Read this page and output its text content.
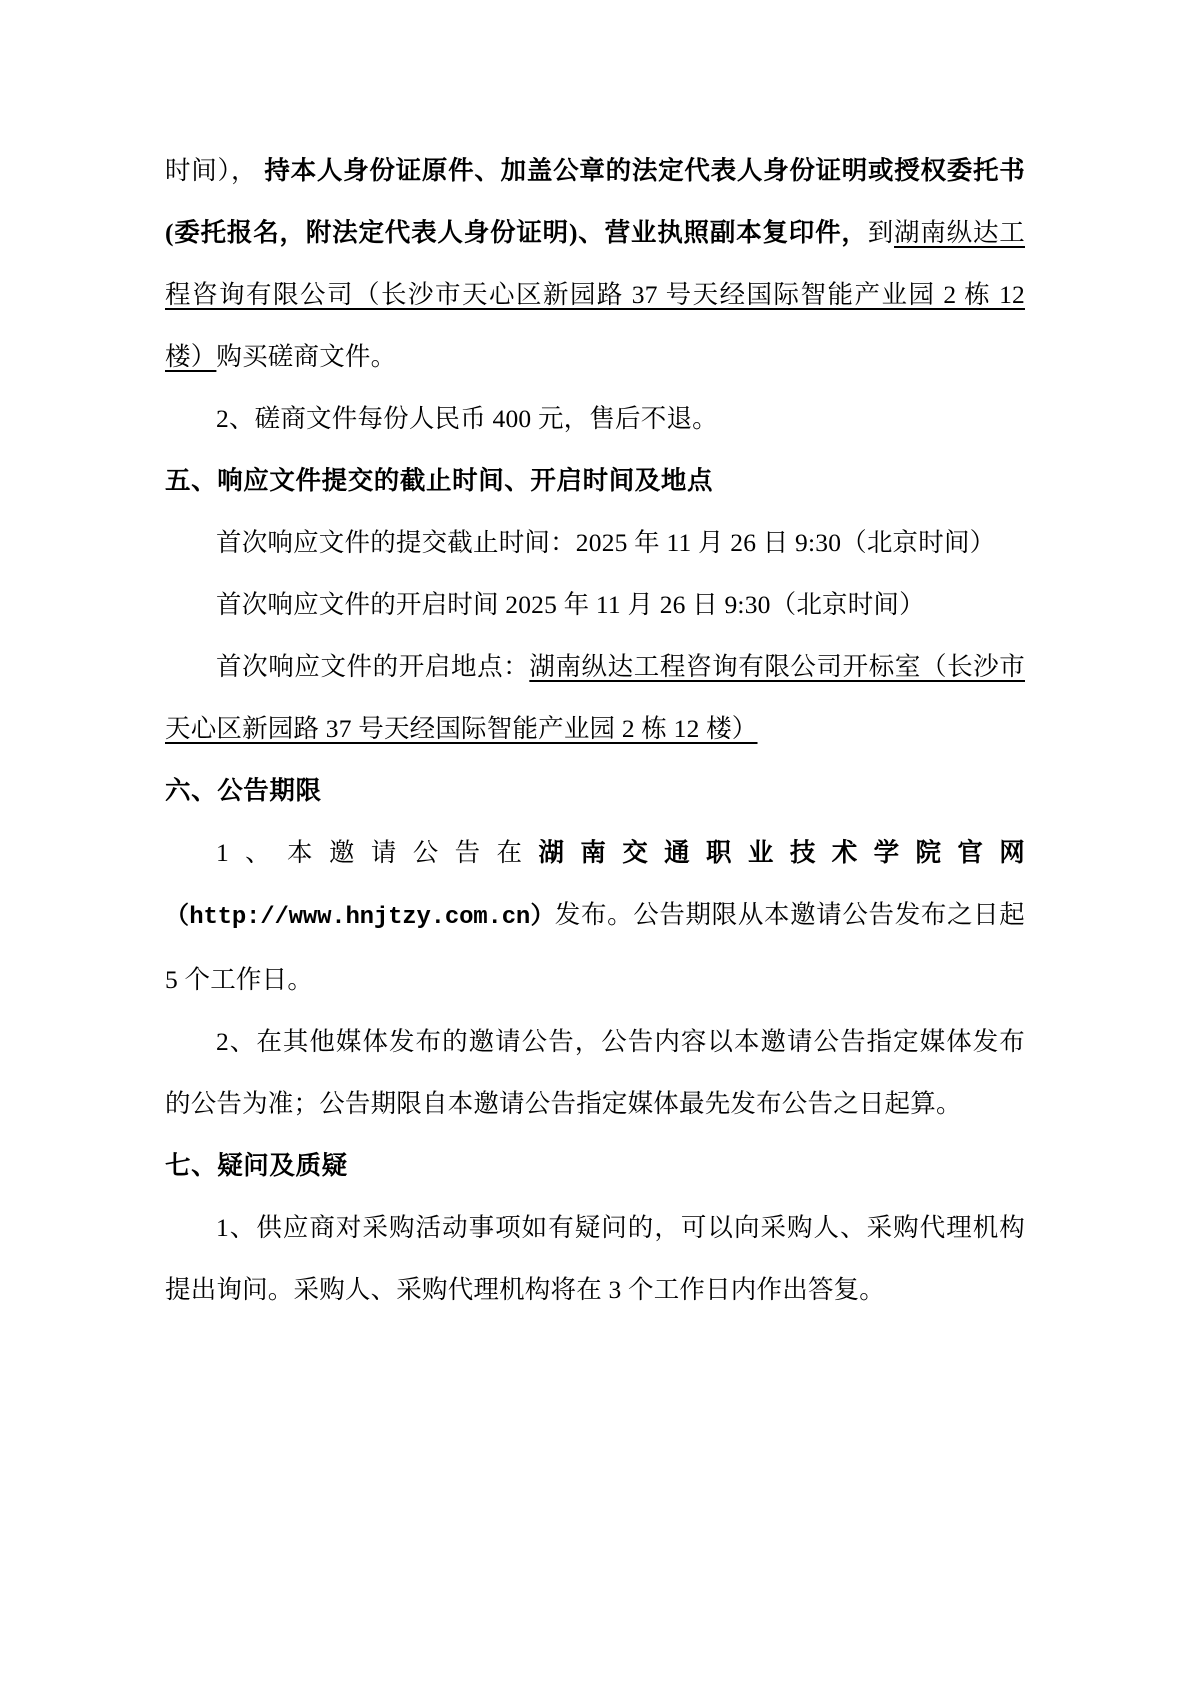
时间）， 持本人身份证原件、加盖公章的法定代表人身份证明或授权委托书(委托报名，附法定代表人身份证明)、营业执照副本复印件，到湖南纵达工程咨询有限公司（长沙市天心区新园路 37 号天经国际智能产业园 2 栋 12 楼）购买磋商文件。

2、磋商文件每份人民币 400 元，售后不退。

五、响应文件提交的截止时间、开启时间及地点

首次响应文件的提交截止时间：2025 年 11 月 26 日 9:30（北京时间）

首次响应文件的开启时间 2025 年 11 月 26 日 9:30（北京时间）

首次响应文件的开启地点：湖南纵达工程咨询有限公司开标室（长沙市天心区新园路 37 号天经国际智能产业园 2 栋 12 楼）

六、公告期限

1、本邀请公告在湖南交通职业技术学院官网（http://www.hnjtzy.com.cn）发布。公告期限从本邀请公告发布之日起 5 个工作日。

2、在其他媒体发布的邀请公告，公告内容以本邀请公告指定媒体发布的公告为准；公告期限自本邀请公告指定媒体最先发布公告之日起算。

七、疑问及质疑

1、供应商对采购活动事项如有疑问的，可以向采购人、采购代理机构提出询问。采购人、采购代理机构将在 3 个工作日内作出答复。
